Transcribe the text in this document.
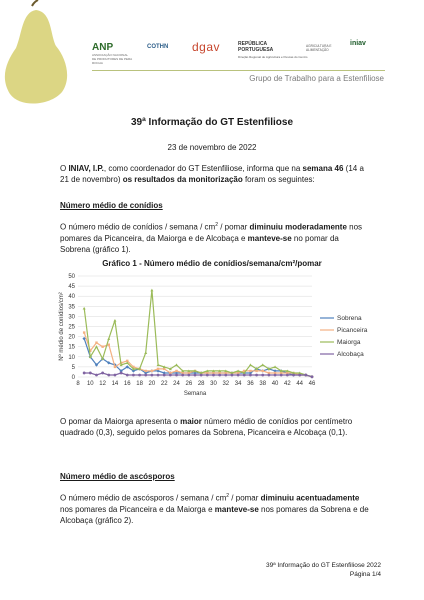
ANP
ASSOCIAÇÃO NACIONAL DE PRODUTORES DE PERA ROCHA
COTHN dgav	REPÚBLICA PORTUGUESA
Direção Regional de Agricultura e Pescas do Centro
AGRICULTURA E ALIMENTAÇÃO
iniav
Grupo de Trabalho para a Estenfiliose
39ª Informação do GT Estenfiliose
23 de novembro de 2022
O INIAV, I.P., como coordenador do GT Estenfiliose, informa que na semana 46 (14 a 21 de novembro) os resultados da monitorização foram os seguintes:
Número médio de conídios
O número médio de conídios / semana / $cm^2$ / pomar diminuiu moderadamente nos pomares da Picanceira, da Maiorga e de Alcobaça e manteve-se no pomar da Sobrena (gráfico 1).
Gráfico 1 - Número médio de conídios/semana/cm²/pomar
0
5
10
15
20
25
30
35
40
45
50
8 10 12 14 16 18 20 22 24 26 28 30 32 34 36 38 40 42 44 46
Semana
Nº médio de conídios/cm²	Sobrena
Picanceira
Maiorga
Alcobaça
O pomar da Maiorga apresenta o maior número médio de conídios por centímetro quadrado (0,3), seguido pelos pomares da Sobrena, Picanceira e Alcobaça (0,1).
Número médio de ascósporos
O número médio de ascósporos / semana / $cm^2$ / pomar diminuiu acentuadamente nos pomares da Picanceira e da Maiorga e manteve-se nos pomares da Sobrena e de Alcobaça (gráfico 2).
39ª Informação do GT Estenfiliose 2022
Página 1/4
